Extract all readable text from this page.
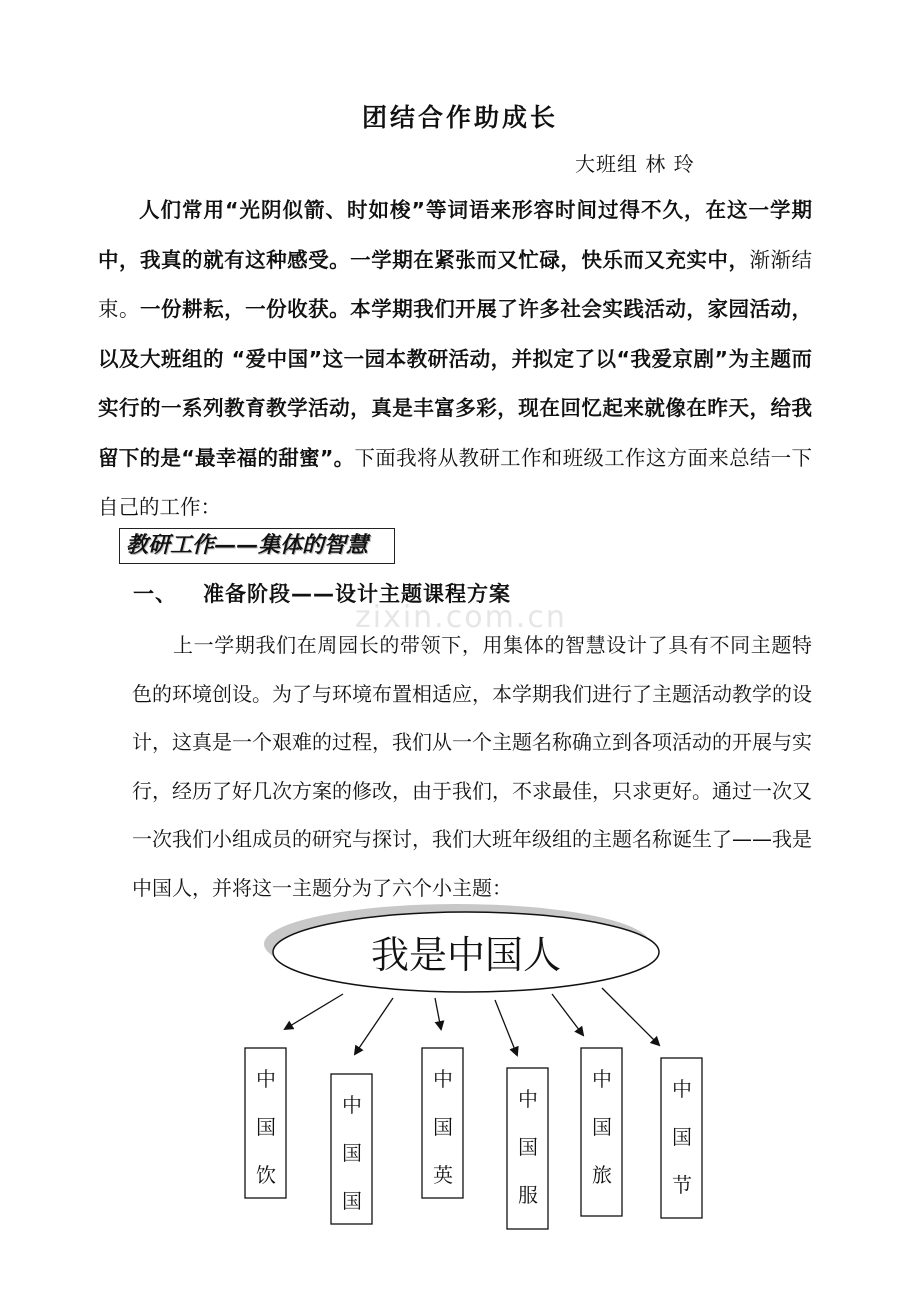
zixin.com.cn
团结合作助成长

大班组 林 玲

人们常用“光阴似箭、时如梭”等词语来形容时间过得不久，在这一学期中，我真的就有这种感受。一学期在紧张而又忙碌，快乐而又充实中，渐渐结束。一份耕耘，一份收获。本学期我们开展了许多社会实践活动，家园活动，以及大班组的 “爱中国”这一园本教研活动，并拟定了以“我爱京剧”为主题而实行的一系列教育教学活动，真是丰富多彩，现在回忆起来就像在昨天，给我留下的是“最幸福的甜蜜”。下面我将从教研工作和班级工作这方面来总结一下自己的工作：

教研工作——集体的智慧

一、 准备阶段——设计主题课程方案

上一学期我们在周园长的带领下，用集体的智慧设计了具有不同主题特色的环境创设。为了与环境布置相适应，本学期我们进行了主题活动教学的设计，这真是一个艰难的过程，我们从一个主题名称确立到各项活动的开展与实行，经历了好几次方案的修改，由于我们，不求最佳，只求更好。通过一次又一次我们小组成员的研究与探讨，我们大班年级组的主题名称诞生了——我是中国人，并将这一主题分为了六个小主题：

我是中国人
中
国
饮
中
国
国
中
国
英
中
国
服
中
国
旅
中
国
节
